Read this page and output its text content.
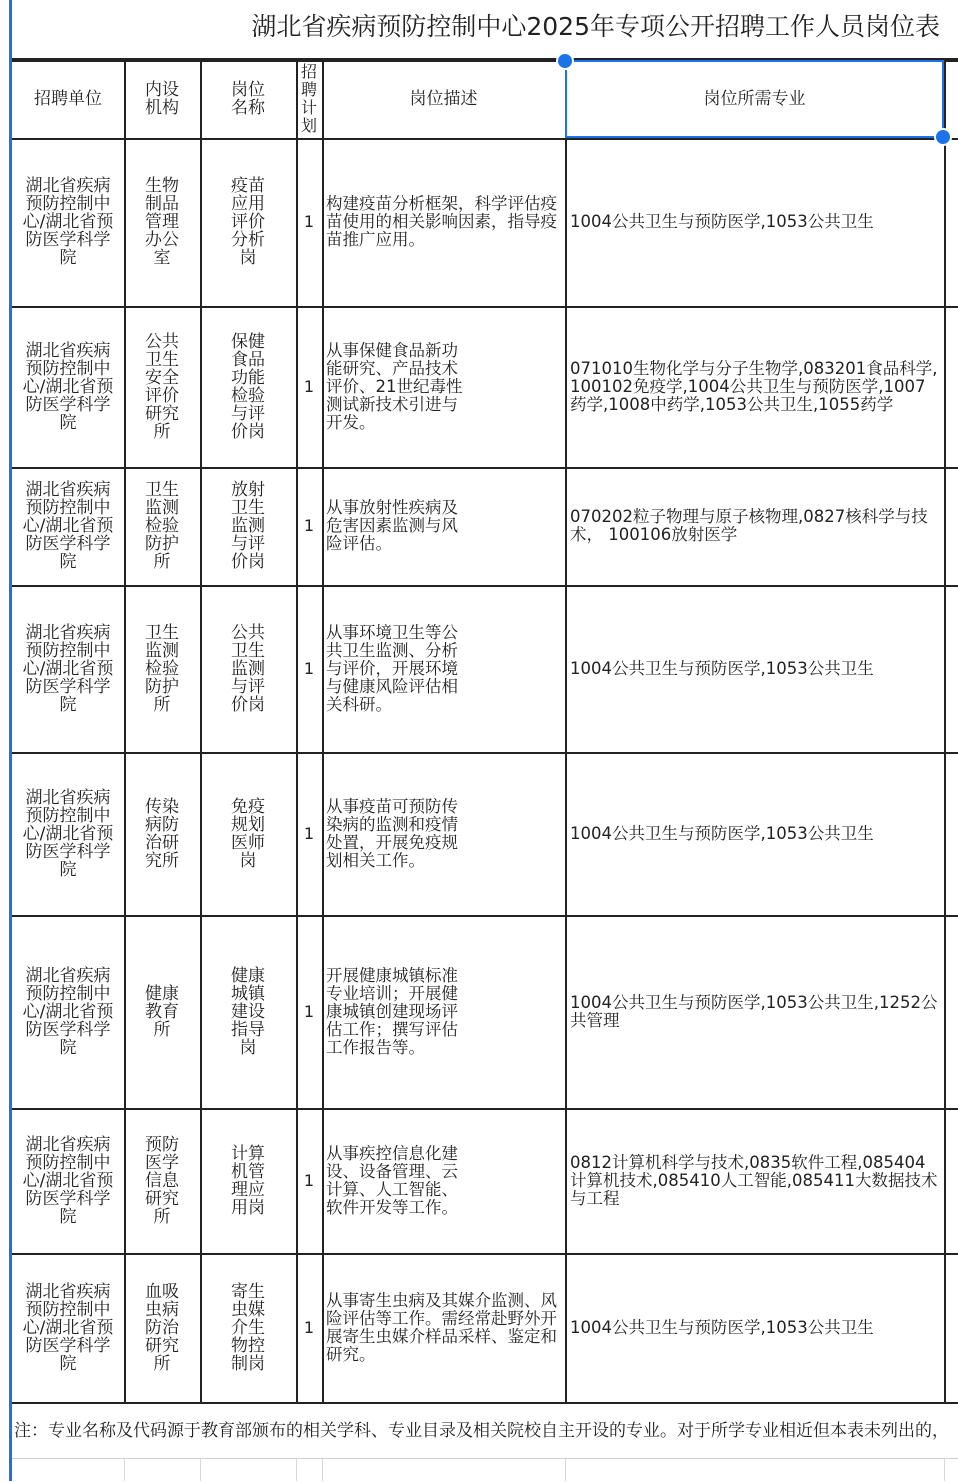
湖北省疾病预防控制中心2025年专项公开招聘工作人员岗位表
招聘单位	内设机构
岗位名称
招聘计划
岗位描述	岗位所需专业
湖北省疾病预防控制中心/湖北省预防医学科学院
生物制品管理办公室
疫苗应用评价分析岗
1
构建疫苗分析框架，科学评估疫苗使用的相关影响因素，指导疫苗推广应用。
1004公共卫生与预防医学,1053公共卫生
湖北省疾病预防控制中心/湖北省预防医学科学院
公共卫生安全评价研究所
保健食品功能检验与评价岗
1
从事保健食品新功能研究、产品技术评价、21世纪毒性测试新技术引进与开发。
071010生物化学与分子生物学,083201食品科学,100102免疫学,1004公共卫生与预防医学,1007药学,1008中药学,1053公共卫生,1055药学
湖北省疾病预防控制中心/湖北省预防医学科学院
卫生监测检验防护所
放射卫生监测与评价岗
1
从事放射性疾病及危害因素监测与风险评估。
070202粒子物理与原子核物理,0827核科学与技术， 100106放射医学
湖北省疾病预防控制中心/湖北省预防医学科学院
卫生监测检验防护所
公共卫生监测与评价岗
1
从事环境卫生等公共卫生监测、分析与评价，开展环境与健康风险评估相关科研。
1004公共卫生与预防医学,1053公共卫生
湖北省疾病预防控制中心/湖北省预防医学科学院
传染病防治研究所
免疫规划医师岗
1
从事疫苗可预防传染病的监测和疫情处置，开展免疫规划相关工作。
1004公共卫生与预防医学,1053公共卫生
湖北省疾病预防控制中心/湖北省预防医学科学院
健康教育所
健康城镇建设指导岗
1
开展健康城镇标准专业培训；开展健康城镇创建现场评估工作；撰写评估工作报告等。
1004公共卫生与预防医学,1053公共卫生,1252公共管理
湖北省疾病预防控制中心/湖北省预防医学科学院
预防医学信息研究所
计算机管理应用岗
1
从事疾控信息化建设、设备管理、云计算、人工智能、软件开发等工作。
0812计算机科学与技术,0835软件工程,085404计算机技术,085410人工智能,085411大数据技术与工程
湖北省疾病预防控制中心/湖北省预防医学科学院
血吸虫病防治研究所
寄生虫媒介生物控制岗
1
从事寄生虫病及其媒介监测、风险评估等工作。需经常赴野外开展寄生虫媒介样品采样、鉴定和研究。
1004公共卫生与预防医学,1053公共卫生
注：专业名称及代码源于教育部颁布的相关学科、专业目录及相关院校自主开设的专业。对于所学专业相近但本表未列出的，
